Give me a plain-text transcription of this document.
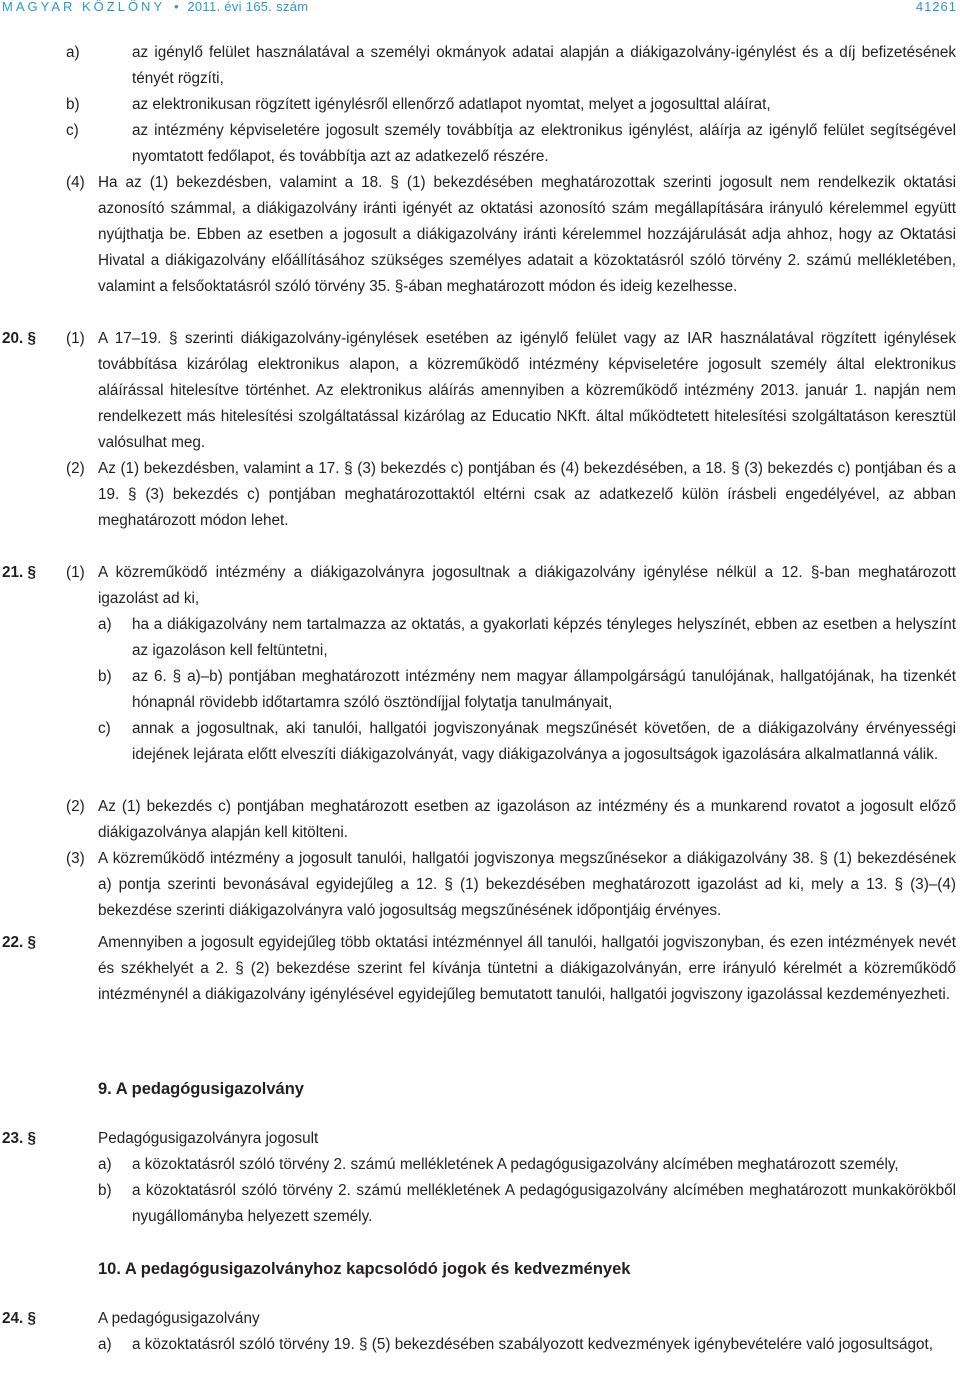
MAGYAR KÖZLÖNY • 2011. évi 165. szám	41261
a)	az igénylő felület használatával a személyi okmányok adatai alapján a diákigazolvány-igénylést és a díj befizetésének tényét rögzíti,
b)	az elektronikusan rögzített igénylésről ellenőrző adatlapot nyomtat, melyet a jogosulttal aláírat,
c)	az intézmény képviseletére jogosult személy továbbítja az elektronikus igénylést, aláírja az igénylő felület segítségével nyomtatott fedőlapot, és továbbítja azt az adatkezelő részére.
(4) Ha az (1) bekezdésben, valamint a 18. § (1) bekezdésében meghatározottak szerinti jogosult nem rendelkezik oktatási azonosító számmal, a diákigazolvány iránti igényét az oktatási azonosító szám megállapítására irányuló kérelemmel együtt nyújthatja be. Ebben az esetben a jogosult a diákigazolvány iránti kérelemmel hozzájárulását adja ahhoz, hogy az Oktatási Hivatal a diákigazolvány előállításához szükséges személyes adatait a közoktatásról szóló törvény 2. számú mellékletében, valamint a felsőoktatásról szóló törvény 35. §-ában meghatározott módon és ideig kezelhesse.
20. § (1) A 17–19. § szerinti diákigazolvány-igénylések esetében az igénylő felület vagy az IAR használatával rögzített igénylések továbbítása kizárólag elektronikus alapon, a közreműködő intézmény képviseletére jogosult személy által elektronikus aláírással hitelesítve történhet. Az elektronikus aláírás amennyiben a közreműködő intézmény 2013. január 1. napján nem rendelkezett más hitelesítési szolgáltatással kizárólag az Educatio NKft. által működtetett hitelesítési szolgáltatáson keresztül valósulhat meg.
(2) Az (1) bekezdésben, valamint a 17. § (3) bekezdés c) pontjában és (4) bekezdésében, a 18. § (3) bekezdés c) pontjában és a 19. § (3) bekezdés c) pontjában meghatározottaktól eltérni csak az adatkezelő külön írásbeli engedélyével, az abban meghatározott módon lehet.
21. § (1) A közreműködő intézmény a diákigazolványra jogosultnak a diákigazolvány igénylése nélkül a 12. §-ban meghatározott igazolást ad ki,
a) ha a diákigazolvány nem tartalmazza az oktatás, a gyakorlati képzés tényleges helyszínét, ebben az esetben a helyszínt az igazoláson kell feltüntetni,
b) az 6. § a)–b) pontjában meghatározott intézmény nem magyar állampolgárságú tanulójának, hallgatójának, ha tizenkét hónapnál rövidebb időtartamra szóló ösztöndíjjal folytatja tanulmányait,
c) annak a jogosultnak, aki tanulói, hallgatói jogviszonyának megszűnését követően, de a diákigazolvány érvényességi idejének lejárata előtt elveszíti diákigazolványát, vagy diákigazolványa a jogosultságok igazolására alkalmatlanná válik.
(2) Az (1) bekezdés c) pontjában meghatározott esetben az igazoláson az intézmény és a munkarend rovatot a jogosult előző diákigazolványa alapján kell kitölteni.
(3) A közreműködő intézmény a jogosult tanulói, hallgatói jogviszonya megszűnésekor a diákigazolvány 38. § (1) bekezdésének a) pontja szerinti bevonásával egyidejűleg a 12. § (1) bekezdésében meghatározott igazolást ad ki, mely a 13. § (3)–(4) bekezdése szerinti diákigazolványra való jogosultság megszűnésének időpontjáig érvényes.
22. §	Amennyiben a jogosult egyidejűleg több oktatási intézménnyel áll tanulói, hallgatói jogviszonyban, és ezen intézmények nevét és székhelyét a 2. § (2) bekezdése szerint fel kívánja tüntetni a diákigazolványán, erre irányuló kérelmét a közreműködő intézménynél a diákigazolvány igénylésével egyidejűleg bemutatott tanulói, hallgatói jogviszony igazolással kezdeményezheti.
9. A pedagógusigazolvány
23. §	Pedagógusigazolványra jogosult
a) a közoktatásról szóló törvény 2. számú mellékletének A pedagógusigazolvány alcímében meghatározott személy,
b) a közoktatásról szóló törvény 2. számú mellékletének A pedagógusigazolvány alcímében meghatározott munkakörökből nyugállományba helyezett személy.
10. A pedagógusigazolványhoz kapcsolódó jogok és kedvezmények
24. §	A pedagógusigazolvány
a) a közoktatásról szóló törvény 19. § (5) bekezdésében szabályozott kedvezmények igénybevételére való jogosultságot,
